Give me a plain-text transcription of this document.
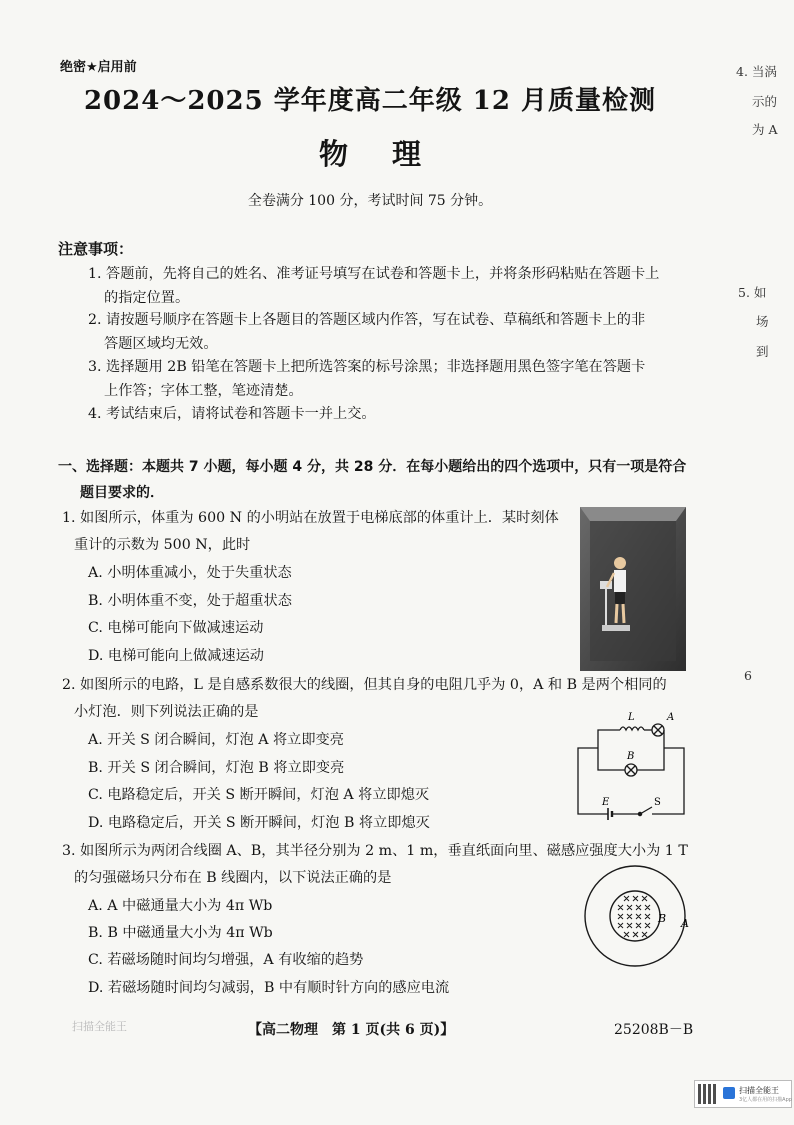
绝密★启用前
2024～2025 学年度高二年级 12 月质量检测
物 理
全卷满分 100 分，考试时间 75 分钟。
注意事项：
1. 答题前，先将自己的姓名、准考证号填写在试卷和答题卡上，并将条形码粘贴在答题卡上
的指定位置。
2. 请按题号顺序在答题卡上各题目的答题区域内作答，写在试卷、草稿纸和答题卡上的非
答题区域均无效。
3. 选择题用 2B 铅笔在答题卡上把所选答案的标号涂黑；非选择题用黑色签字笔在答题卡
上作答；字体工整，笔迹清楚。
4. 考试结束后，请将试卷和答题卡一并上交。
一、选择题：本题共 7 小题，每小题 4 分，共 28 分．在每小题给出的四个选项中，只有一项是符合
题目要求的．
1. 如图所示，体重为 600 N 的小明站在放置于电梯底部的体重计上．某时刻体
重计的示数为 500 N，此时
A. 小明体重减小，处于失重状态
B. 小明体重不变，处于超重状态
C. 电梯可能向下做减速运动
D. 电梯可能向上做减速运动
2. 如图所示的电路，L 是自感系数很大的线圈，但其自身的电阻几乎为 0，A 和 B 是两个相同的
小灯泡．则下列说法正确的是
A. 开关 S 闭合瞬间，灯泡 A 将立即变亮
B. 开关 S 闭合瞬间，灯泡 B 将立即变亮
C. 电路稳定后，开关 S 断开瞬间，灯泡 A 将立即熄灭
D. 电路稳定后，开关 S 断开瞬间，灯泡 B 将立即熄灭
L	A
B
E	S
3. 如图所示为两闭合线圈 A、B，其半径分别为 2 m、1 m，垂直纸面向里、磁感应强度大小为 1 T
的匀强磁场只分布在 B 线圈内，以下说法正确的是
A. A 中磁通量大小为 4π Wb
B. B 中磁通量大小为 4π Wb
C. 若磁场随时间均匀增强，A 有收缩的趋势
D. 若磁场随时间均匀减弱，B 中有顺时针方向的感应电流
B A
扫描全能王	【高二物理　第 1 页(共 6 页)】	25208B－B
4. 当涡
示的
为 A
5. 如
场
到
6
扫描全能王
3亿人都在用的扫描App
